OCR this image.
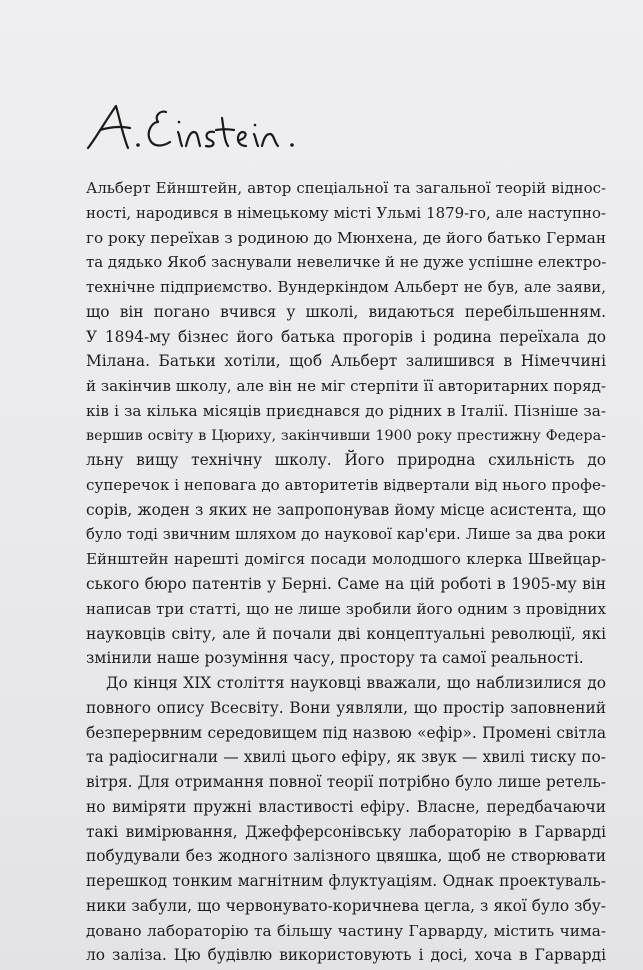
Альберт Ейнштейн, автор спеціальної та загальної теорій віднос-
ності, народився в німецькому місті Ульмі 1879-го, але наступно-
го року переїхав з родиною до Мюнхена, де його батько Герман
та дядько Якоб заснували невеличке й не дуже успішне електро-
технічне підприємство. Вундеркіндом Альберт не був, але заяви,
що він погано вчився у школі, видаються перебільшенням.
У 1894-му бізнес його батька прогорів і родина переїхала до
Мілана. Батьки хотіли, щоб Альберт залишився в Німеччині
й закінчив школу, але він не міг стерпіти її авторитарних поряд-
ків і за кілька місяців приєднався до рідних в Італії. Пізніше за-
вершив освіту в Цюриху, закінчивши 1900 року престижну Федера-
льну вищу технічну школу. Його природна схильність до
суперечок і неповага до авторитетів відвертали від нього профе-
сорів, жоден з яких не запропонував йому місце асистента, що
було тоді звичним шляхом до наукової кар'єри. Лише за два роки
Ейнштейн нарешті домігся посади молодшого клерка Швейцар-
ського бюро патентів у Берні. Саме на цій роботі в 1905-му він
написав три статті, що не лише зробили його одним з провідних
науковців світу, але й почали дві концептуальні революції, які
змінили наше розуміння часу, простору та самої реальності.
До кінця XIX століття науковці вважали, що наблизилися до
повного опису Всесвіту. Вони уявляли, що простір заповнений
безперервним середовищем під назвою «ефір». Промені світла
та радіосигнали — хвилі цього ефіру, як звук — хвилі тиску по-
вітря. Для отримання повної теорії потрібно було лише ретель-
но виміряти пружні властивості ефіру. Власне, передбачаючи
такі вимірювання, Джефферсонівську лабораторію в Гарварді
побудували без жодного залізного цвяшка, щоб не створювати
перешкод тонким магнітним флуктуаціям. Однак проектуваль-
ники забули, що червонувато-коричнева цегла, з якої було збу-
довано лабораторію та більшу частину Гарварду, містить чима-
ло заліза. Цю будівлю використовують і досі, хоча в Гарварді
